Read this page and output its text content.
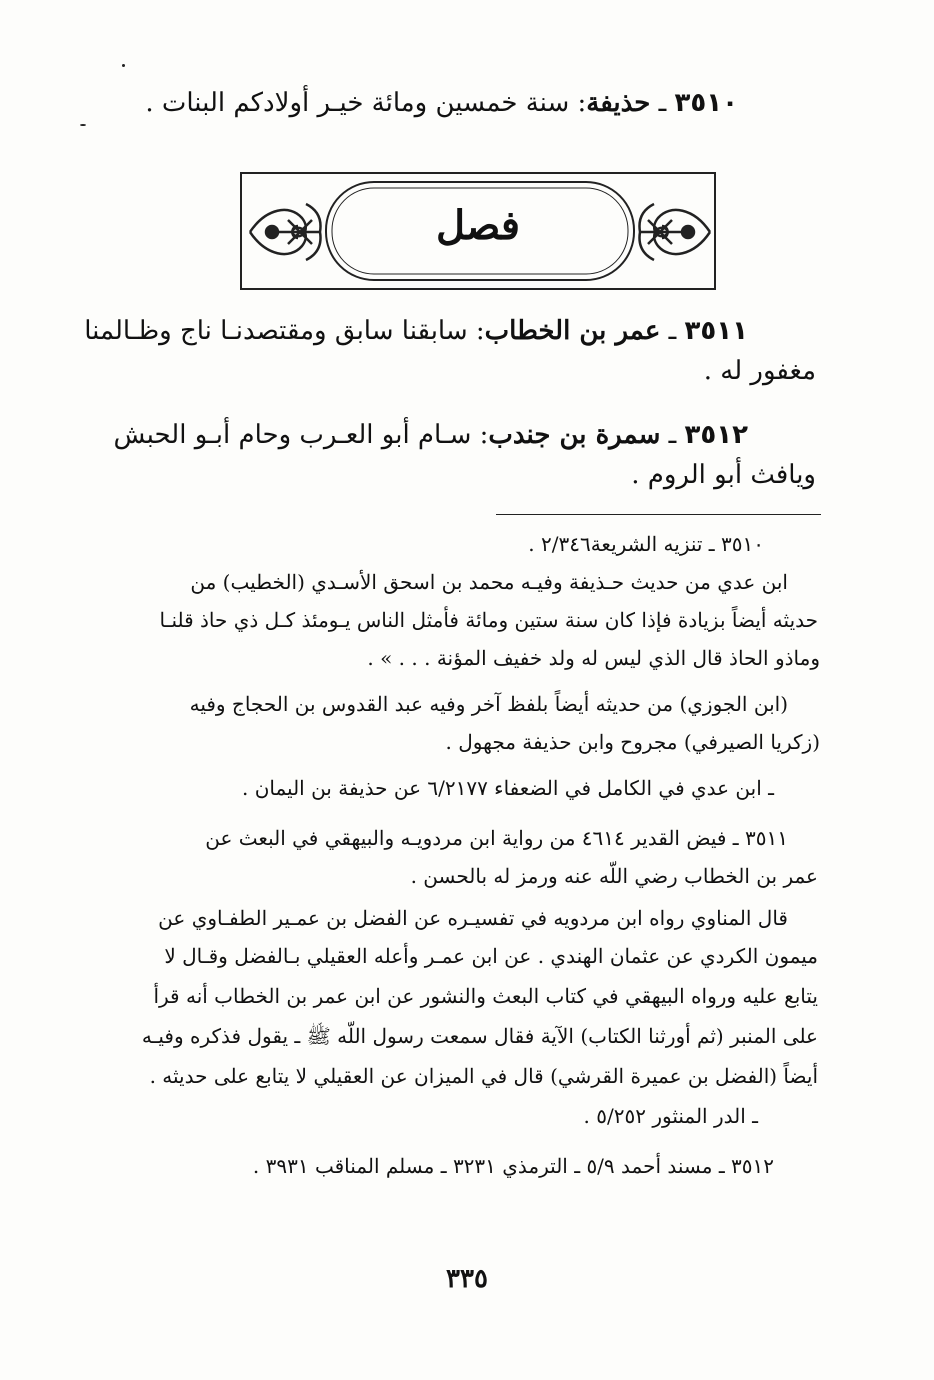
٣٥١٠ ـ حذيفة: سنة خمسين ومائة خيـر أولادكم البنات .
فصل
٣٥١١ ـ عمر بن الخطاب: سابقنا سابق ومقتصدنـا ناج وظـالمنا
مغفور له .
٣٥١٢ ـ سمرة بن جندب: سـام أبو العـرب وحام أبـو الحبش
ويافث أبو الروم .
٣٥١٠ ـ تنزيه الشريعة٢/٣٤٦ .
ابن عدي من حديث حـذيفة وفيـه محمد بن اسحق الأسـدي (الخطيب) من
حديثه أيضاً بزيادة فإذا كان سنة ستين ومائة فأمثل الناس يـومئذ كـل ذي حاذ قلنـا
وماذو الحاذ قال الذي ليس له ولد خفيف المؤنة . . . » .
(ابن الجوزي) من حديثه أيضاً بلفظ آخر وفيه عبد القدوس بن الحجاج وفيه
(زكريا الصيرفي) مجروح وابن حذيفة مجهول .
ـ ابن عدي في الكامل في الضعفاء ٦/٢١٧٧ عن حذيفة بن اليمان .
٣٥١١ ـ فيض القدير ٤٦١٤ من رواية ابن مردويـه والبيهقي في البعث عن
عمر بن الخطاب رضي اللّه عنه ورمز له بالحسن .
قال المناوي رواه ابن مردويه في تفسيـره عن الفضل بن عمـير الطفـاوي عن
ميمون الكردي عن عثمان الهندي . عن ابن عمـر وأعله العقيلي بـالفضل وقـال لا
يتابع عليه ورواه البيهقي في كتاب البعث والنشور عن ابن عمر بن الخطاب أنه قرأ
على المنبر (ثم أورثنا الكتاب) الآية فقال سمعت رسول اللّه ﷺ ـ يقول فذكره وفيـه
أيضاً (الفضل بن عميرة القرشي) قال في الميزان عن العقيلي لا يتابع على حديثه .
ـ الدر المنثور ٥/٢٥٢ .
٣٥١٢ ـ مسند أحمد ٥/٩ ـ الترمذي ٣٢٣١ ـ مسلم المناقب ٣٩٣١ .
٣٣٥
